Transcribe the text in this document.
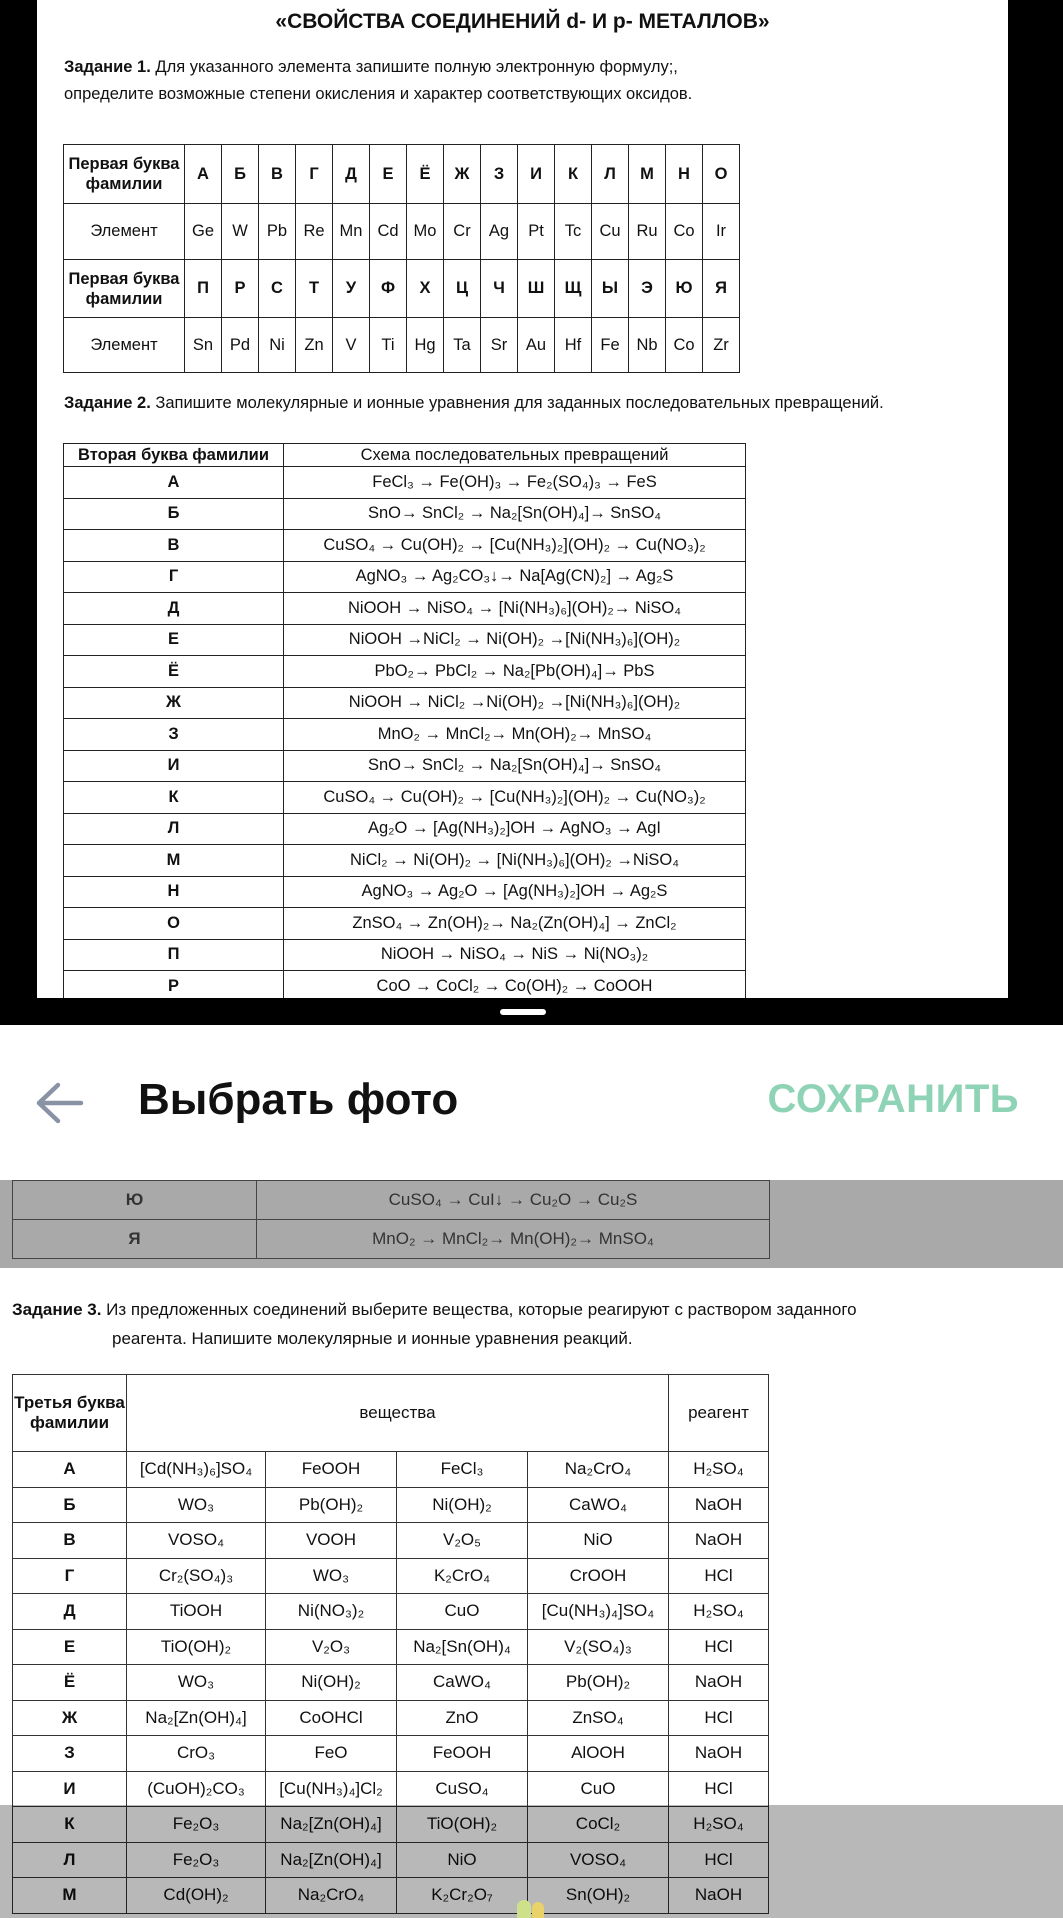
«СВОЙСТВА СОЕДИНЕНИЙ d- И p- МЕТАЛЛОВ»
Задание 1. Для указанного элемента запишите полную электронную формулу;,
определите возможные степени окисления и характер соответствующих оксидов.
Первая буква фамилии	А	Б	В	Г	Д	Е	Ё	Ж	З	И	К	Л	М	Н	О
Элемент	Ge	W	Pb	Re	Mn	Cd	Mo	Cr	Ag	Pt	Tc	Cu	Ru	Co	Ir
Первая буква фамилии	П	Р	С	Т	У	Ф	Х	Ц	Ч	Ш	Щ	Ы	Э	Ю	Я
Элемент	Sn	Pd	Ni	Zn	V	Ti	Hg	Ta	Sr	Au	Hf	Fe	Nb	Co	Zr
Задание 2. Запишите молекулярные и ионные уравнения для заданных последовательных превращений.
Вторая буква фамилии	Схема последовательных превращений
А	FeCl₃ → Fe(OH)₃ → Fe₂(SO₄)₃ → FeS
Б	SnO→ SnCl₂ → Na₂[Sn(OH)₄]→ SnSO₄
В	CuSO₄ → Cu(OH)₂ → [Cu(NH₃)₂](OH)₂ → Cu(NO₃)₂
Г	AgNO₃ → Ag₂CO₃↓→ Na[Ag(CN)₂] → Ag₂S
Д	NiOOH → NiSO₄ → [Ni(NH₃)₆](OH)₂→ NiSO₄
Е	NiOOH →NiCl₂ → Ni(OH)₂ →[Ni(NH₃)₆](OH)₂
Ё	PbO₂→ PbCl₂ → Na₂[Pb(OH)₄]→ PbS
Ж	NiOOH → NiCl₂ →Ni(OH)₂ →[Ni(NH₃)₆](OH)₂
З	MnO₂ → MnCl₂→ Mn(OH)₂→ MnSO₄
И	SnO→ SnCl₂ → Na₂[Sn(OH)₄]→ SnSO₄
К	CuSO₄ → Cu(OH)₂ → [Cu(NH₃)₂](OH)₂ → Cu(NO₃)₂
Л	Ag₂O → [Ag(NH₃)₂]OH → AgNO₃ → AgI
М	NiCl₂ → Ni(OH)₂ → [Ni(NH₃)₆](OH)₂ →NiSO₄
Н	AgNO₃ → Ag₂O → [Ag(NH₃)₂]OH → Ag₂S
О	ZnSO₄ → Zn(OH)₂→ Na₂(Zn(OH)₄] → ZnCl₂
П	NiOOH → NiSO₄ → NiS → Ni(NO₃)₂
Р	CoO → CoCl₂ → Co(OH)₂ → CoOOH
Выбрать фото	СОХРАНИТЬ
Ю	CuSO₄ → CuI↓ → Cu₂O → Cu₂S
Я	MnO₂ → MnCl₂→ Mn(OH)₂→ MnSO₄
Задание 3. Из предложенных соединений выберите вещества, которые реагируют с раствором заданного
реагента. Напишите молекулярные и ионные уравнения реакций.
Третья буква фамилии	вещества				реагент
А	[Cd(NH₃)₆]SO₄	FeOOH	FeCl₃	Na₂CrO₄	H₂SO₄
Б	WO₃	Pb(OH)₂	Ni(OH)₂	CaWO₄	NaOH
В	VOSO₄	VOOH	V₂O₅	NiO	NaOH
Г	Cr₂(SO₄)₃	WO₃	K₂CrO₄	CrOOH	HCl
Д	TiOOH	Ni(NO₃)₂	CuO	[Cu(NH₃)₄]SO₄	H₂SO₄
Е	TiO(OH)₂	V₂O₃	Na₂[Sn(OH)₄	V₂(SO₄)₃	HCl
Ё	WO₃	Ni(OH)₂	CaWO₄	Pb(OH)₂	NaOH
Ж	Na₂[Zn(OH)₄]	CoOHCl	ZnO	ZnSO₄	HCl
З	CrO₃	FeO	FeOOH	AlOOH	NaOH
И	(CuOH)₂CO₃	[Cu(NH₃)₄]Cl₂	CuSO₄	CuO	HCl
К	Fe₂O₃	Na₂[Zn(OH)₄]	TiO(OH)₂	CoCl₂	H₂SO₄
Л	Fe₂O₃	Na₂[Zn(OH)₄]	NiO	VOSO₄	HCl
М	Cd(OH)₂	Na₂CrO₄	K₂Cr₂O₇	Sn(OH)₂	NaOH
